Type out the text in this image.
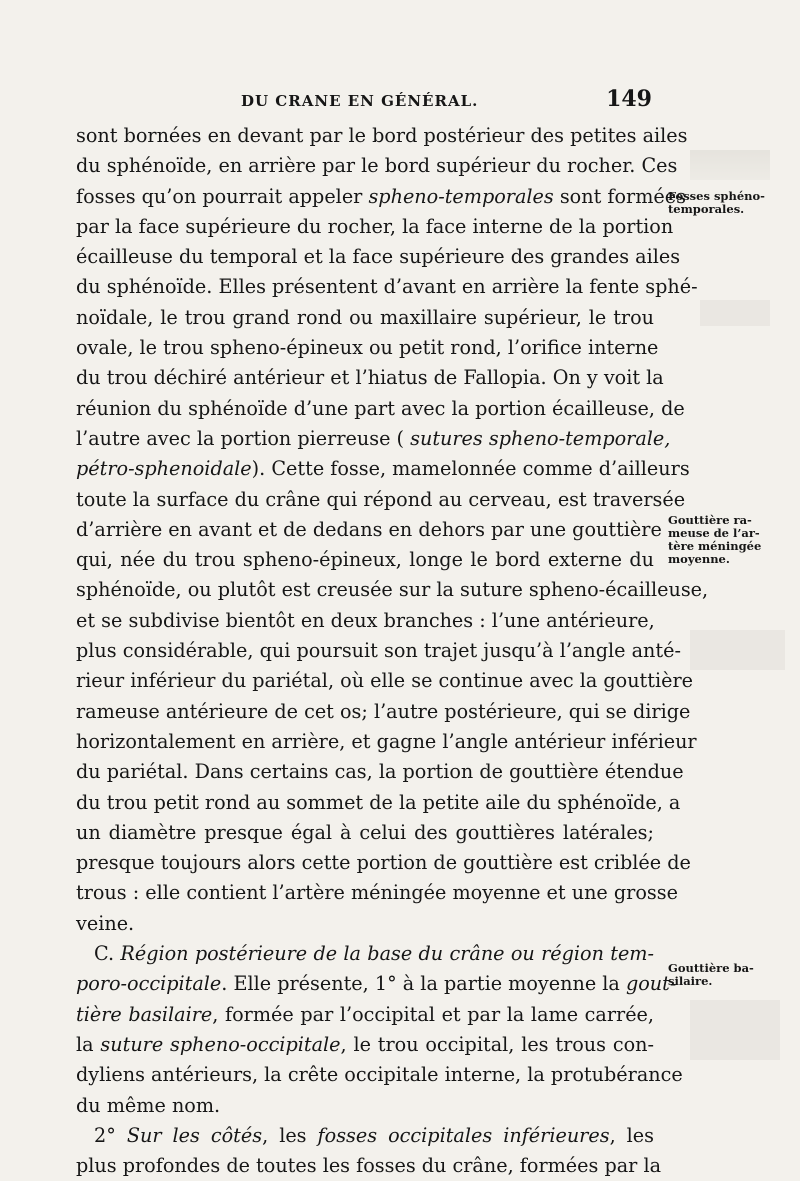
DU CRANE EN GÉNÉRAL.	149
sont bornées en devant par le bord postérieur des petites ailes
du sphénoïde, en arrière par le bord supérieur du rocher. Ces
fosses qu’on pourrait appeler spheno-temporales sont formées
par la face supérieure du rocher, la face interne de la portion
écailleuse du temporal et la face supérieure des grandes ailes
du sphénoïde. Elles présentent d’avant en arrière la fente sphé-
noïdale, le trou grand rond ou maxillaire supérieur, le trou
ovale, le trou spheno-épineux ou petit rond, l’orifice interne
du trou déchiré antérieur et l’hiatus de Fallopia. On y voit la
réunion du sphénoïde d’une part avec la portion écailleuse, de
l’autre avec la portion pierreuse ( sutures spheno-temporale,
pétro-sphenoidale). Cette fosse, mamelonnée comme d’ailleurs
toute la surface du crâne qui répond au cerveau, est traversée
d’arrière en avant et de dedans en dehors par une gouttière
qui, née du trou spheno-épineux, longe le bord externe du
sphénoïde, ou plutôt est creusée sur la suture spheno-écailleuse,
et se subdivise bientôt en deux branches : l’une antérieure,
plus considérable, qui poursuit son trajet jusqu’à l’angle anté-
rieur inférieur du pariétal, où elle se continue avec la gouttière
rameuse antérieure de cet os; l’autre postérieure, qui se dirige
horizontalement en arrière, et gagne l’angle antérieur inférieur
du pariétal. Dans certains cas, la portion de gouttière étendue
du trou petit rond au sommet de la petite aile du sphénoïde, a
un diamètre presque égal à celui des gouttières latérales;
presque toujours alors cette portion de gouttière est criblée de
trous : elle contient l’artère méningée moyenne et une grosse
veine.
C. Région postérieure de la base du crâne ou région tem-
poro-occipitale. Elle présente, 1° à la partie moyenne la gout-
tière basilaire, formée par l’occipital et par la lame carrée,
la suture spheno-occipitale, le trou occipital, les trous con-
dyliens antérieurs, la crête occipitale interne, la protubérance
du même nom.
2° Sur les côtés, les fosses occipitales inférieures, les
plus profondes de toutes les fosses du crâne, formées par la
Fosses sphéno-
temporales.
Gouttière ra-
meuse de l’ar-
tère méningée
moyenne.
Gouttière ba-
silaire.
